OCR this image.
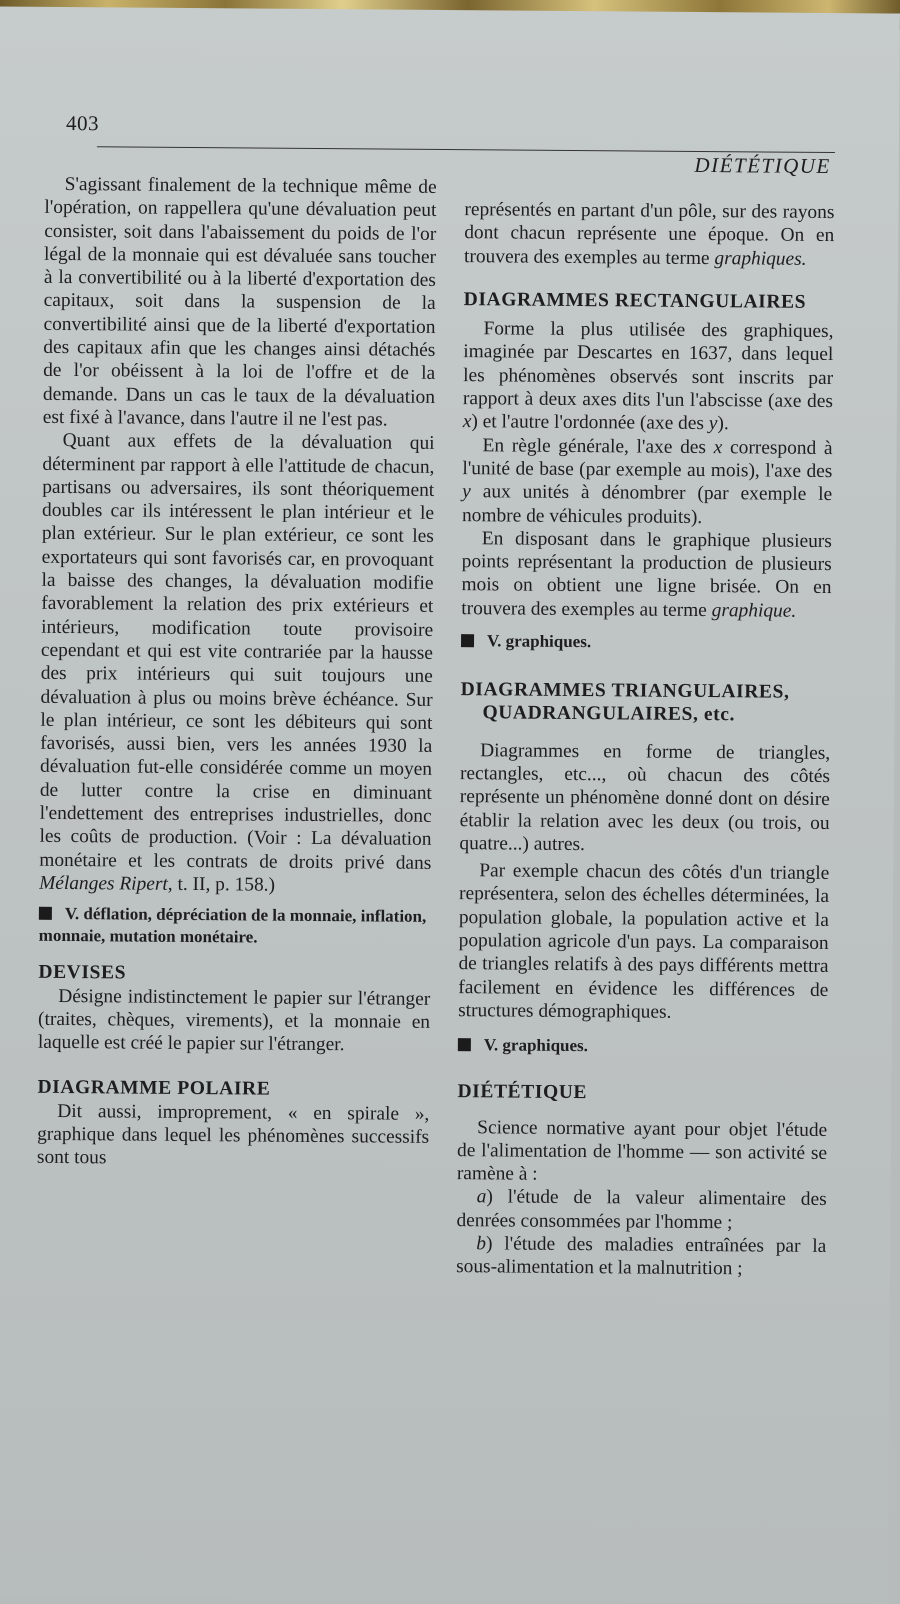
403
DIÉTÉTIQUE

S'agissant finalement de la technique même de l'opération, on rappellera qu'une dévaluation peut consister, soit dans l'abaissement du poids de l'or légal de la monnaie qui est dévaluée sans toucher à la convertibilité ou à la liberté d'exportation des capitaux, soit dans la suspension de la convertibilité ainsi que de la liberté d'exportation des capitaux afin que les changes ainsi détachés de l'or obéissent à la loi de l'offre et de la demande. Dans un cas le taux de la dévaluation est fixé à l'avance, dans l'autre il ne l'est pas.

Quant aux effets de la dévaluation qui déterminent par rapport à elle l'attitude de chacun, partisans ou adversaires, ils sont théoriquement doubles car ils intéressent le plan intérieur et le plan extérieur. Sur le plan extérieur, ce sont les exportateurs qui sont favorisés car, en provoquant la baisse des changes, la dévaluation modifie favorablement la relation des prix extérieurs et intérieurs, modification toute provisoire cependant et qui est vite contrariée par la hausse des prix intérieurs qui suit toujours une dévaluation à plus ou moins brève échéance. Sur le plan intérieur, ce sont les débiteurs qui sont favorisés, aussi bien, vers les années 1930 la dévaluation fut-elle considérée comme un moyen de lutter contre la crise en diminuant l'endettement des entreprises industrielles, donc les coûts de production. (Voir : La dévaluation monétaire et les contrats de droits privé dans Mélanges Ripert, t. II, p. 158.)

V. déflation, dépréciation de la monnaie, inflation, monnaie, mutation monétaire.

DEVISES

Désigne indistinctement le papier sur l'étranger (traites, chèques, virements), et la monnaie en laquelle est créé le papier sur l'étranger.

DIAGRAMME POLAIRE

Dit aussi, improprement, « en spirale », graphique dans lequel les phénomènes successifs sont tous

représentés en partant d'un pôle, sur des rayons dont chacun représente une époque. On en trouvera des exemples au terme graphiques.

DIAGRAMMES RECTANGULAIRES

Forme la plus utilisée des graphiques, imaginée par Descartes en 1637, dans lequel les phénomènes observés sont inscrits par rapport à deux axes dits l'un l'abscisse (axe des x) et l'autre l'ordonnée (axe des y).

En règle générale, l'axe des x correspond à l'unité de base (par exemple au mois), l'axe des y aux unités à dénombrer (par exemple le nombre de véhicules produits).

En disposant dans le graphique plusieurs points représentant la production de plusieurs mois on obtient une ligne brisée. On en trouvera des exemples au terme graphique.

V. graphiques.

DIAGRAMMES TRIANGULAIRES,
QUADRANGULAIRES, etc.

Diagrammes en forme de triangles, rectangles, etc..., où chacun des côtés représente un phénomène donné dont on désire établir la relation avec les deux (ou trois, ou quatre...) autres.

Par exemple chacun des côtés d'un triangle représentera, selon des échelles déterminées, la population globale, la population active et la population agricole d'un pays. La comparaison de triangles relatifs à des pays différents mettra facilement en évidence les différences de structures démographiques.

V. graphiques.

DIÉTÉTIQUE

Science normative ayant pour objet l'étude de l'alimentation de l'homme — son activité se ramène à :

a) l'étude de la valeur alimentaire des denrées consommées par l'homme ;

b) l'étude des maladies entraînées par la sous-alimentation et la malnutrition ;
